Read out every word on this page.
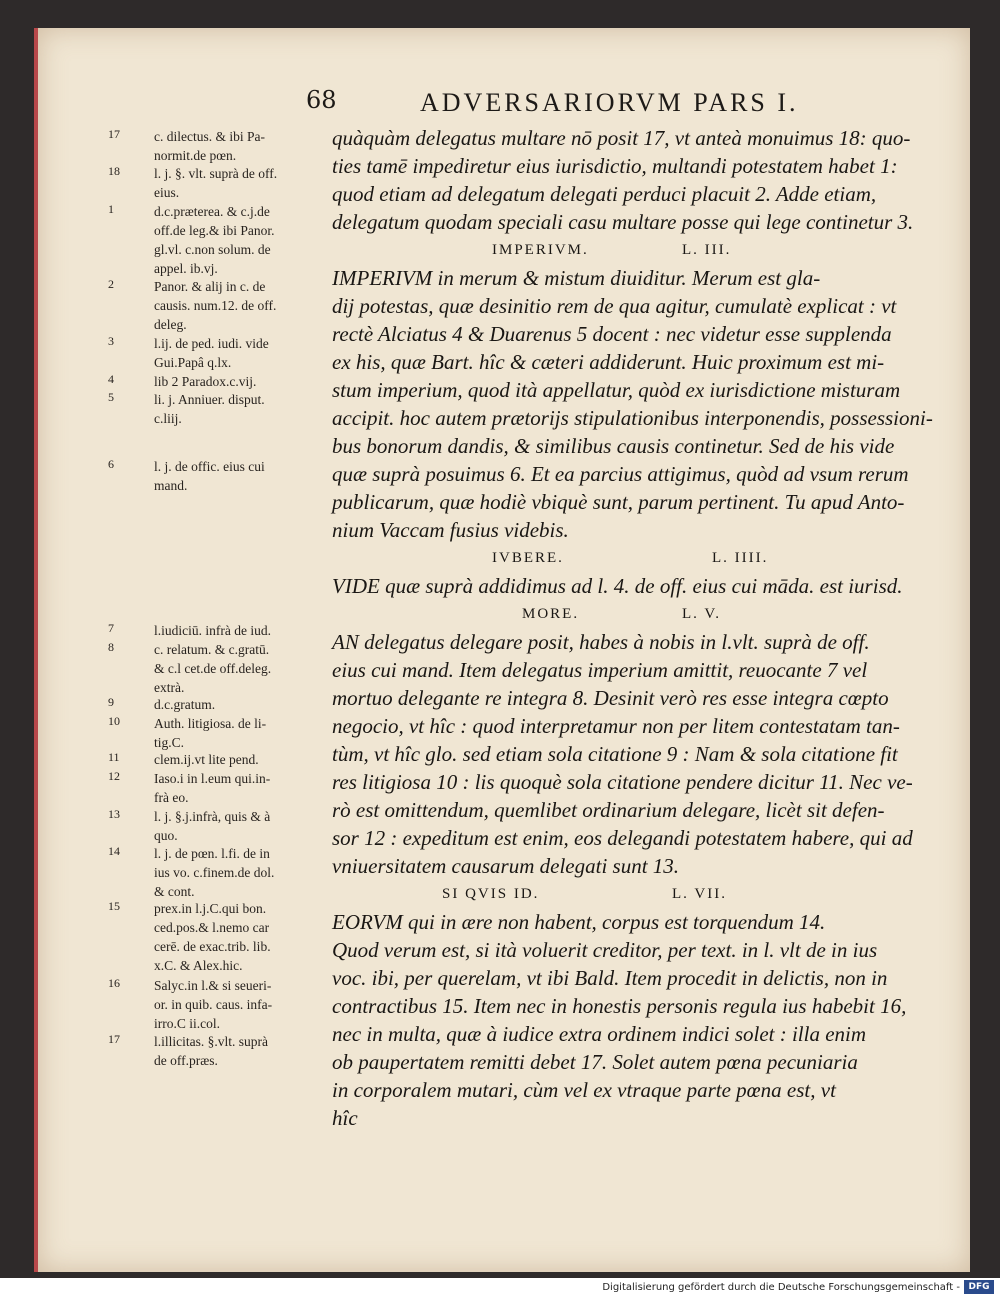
68	ADVERSARIORVM PARS I.
17	c. dilectus. & ibi Pa-
normit.de pœn.
18	l. j. §. vlt. suprà de off.
eius.
1	d.c.præterea. & c.j.de
off.de leg.& ibi Panor.
gl.vl. c.non solum. de
appel. ib.vj.
2	Panor. & alij in c. de
causis. num.12. de off.
deleg.
3	l.ij. de ped. iudi. vide
Gui.Papâ q.lx.
4	lib 2 Paradox.c.vij.
5	li. j. Anniuer. disput.
c.liij.
6	l. j. de offic. eius cui
mand.
7	l.iudiciū. infrà de iud.
8	c. relatum. & c.gratū.
& c.l cet.de off.deleg.
extrà.
9	d.c.gratum.
10	Auth. litigiosa. de li-
tig.C.
11	clem.ij.vt lite pend.
12	Iaso.i in l.eum qui.in-
frà eo.
13	l. j. §.j.infrà, quis & à
quo.
14	l. j. de pœn. l.fi. de in
ius vo. c.finem.de dol.
& cont.
15	prex.in l.j.C.qui bon.
ced.pos.& l.nemo car
cerē. de exac.trib. lib.
x.C. & Alex.hic.
16	Salyc.in l.& si seueri-
or. in quib. caus. infa-
irro.C ii.col.
17	l.illicitas. §.vlt. suprà
de off.præs.
quàquàm delegatus multare nō posit 17, vt anteà monuimus 18: quo-
ties tamē impediretur eius iurisdictio, multandi potestatem habet 1:
quod etiam ad delegatum delegati perduci placuit 2. Adde etiam,
delegatum quodam speciali casu multare posse qui lege continetur 3.
IMPERIVM in merum & mistum diuiditur. Merum est gla-
dij potestas, quæ desinitio rem de qua agitur, cumulatè explicat : vt
rectè Alciatus 4 & Duarenus 5 docent : nec videtur esse supplenda
ex his, quæ Bart. hîc & cæteri addiderunt. Huic proximum est mi-
stum imperium, quod ità appellatur, quòd ex iurisdictione misturam
accipit. hoc autem prætorijs stipulationibus interponendis, possessioni-
bus bonorum dandis, & similibus causis continetur. Sed de his vide
quæ suprà posuimus 6. Et ea parcius attigimus, quòd ad vsum rerum
publicarum, quæ hodiè vbiquè sunt, parum pertinent. Tu apud Anto-
nium Vaccam fusius videbis.
VIDE quæ suprà addidimus ad l. 4. de off. eius cui māda. est iurisd.
AN delegatus delegare posit, habes à nobis in l.vlt. suprà de off.
eius cui mand. Item delegatus imperium amittit, reuocante 7 vel
mortuo delegante re integra 8. Desinit verò res esse integra cœpto
negocio, vt hîc : quod interpretamur non per litem contestatam tan-
tùm, vt hîc glo. sed etiam sola citatione 9 : Nam & sola citatione fit
res litigiosa 10 : lis quoquè sola citatione pendere dicitur 11. Nec ve-
rò est omittendum, quemlibet ordinarium delegare, licèt sit defen-
sor 12 : expeditum est enim, eos delegandi potestatem habere, qui ad
vniuersitatem causarum delegati sunt 13.
EORVM qui in ære non habent, corpus est torquendum 14.
Quod verum est, si ità voluerit creditor, per text. in l. vlt de in ius
voc. ibi, per querelam, vt ibi Bald. Item procedit in delictis, non in
contractibus 15. Item nec in honestis personis regula ius habebit 16,
nec in multa, quæ à iudice extra ordinem indici solet : illa enim
ob paupertatem remitti debet 17. Solet autem pœna pecuniaria
in corporalem mutari, cùm vel ex vtraque parte pœna est, vt
hîc
IMPERIVM.	L. III.
IVBERE.	L. IIII.
MORE.	L. V.
SI QVIS ID.	L. VII.
Digitalisierung gefördert durch die Deutsche Forschungsgemeinschaft - DFG
